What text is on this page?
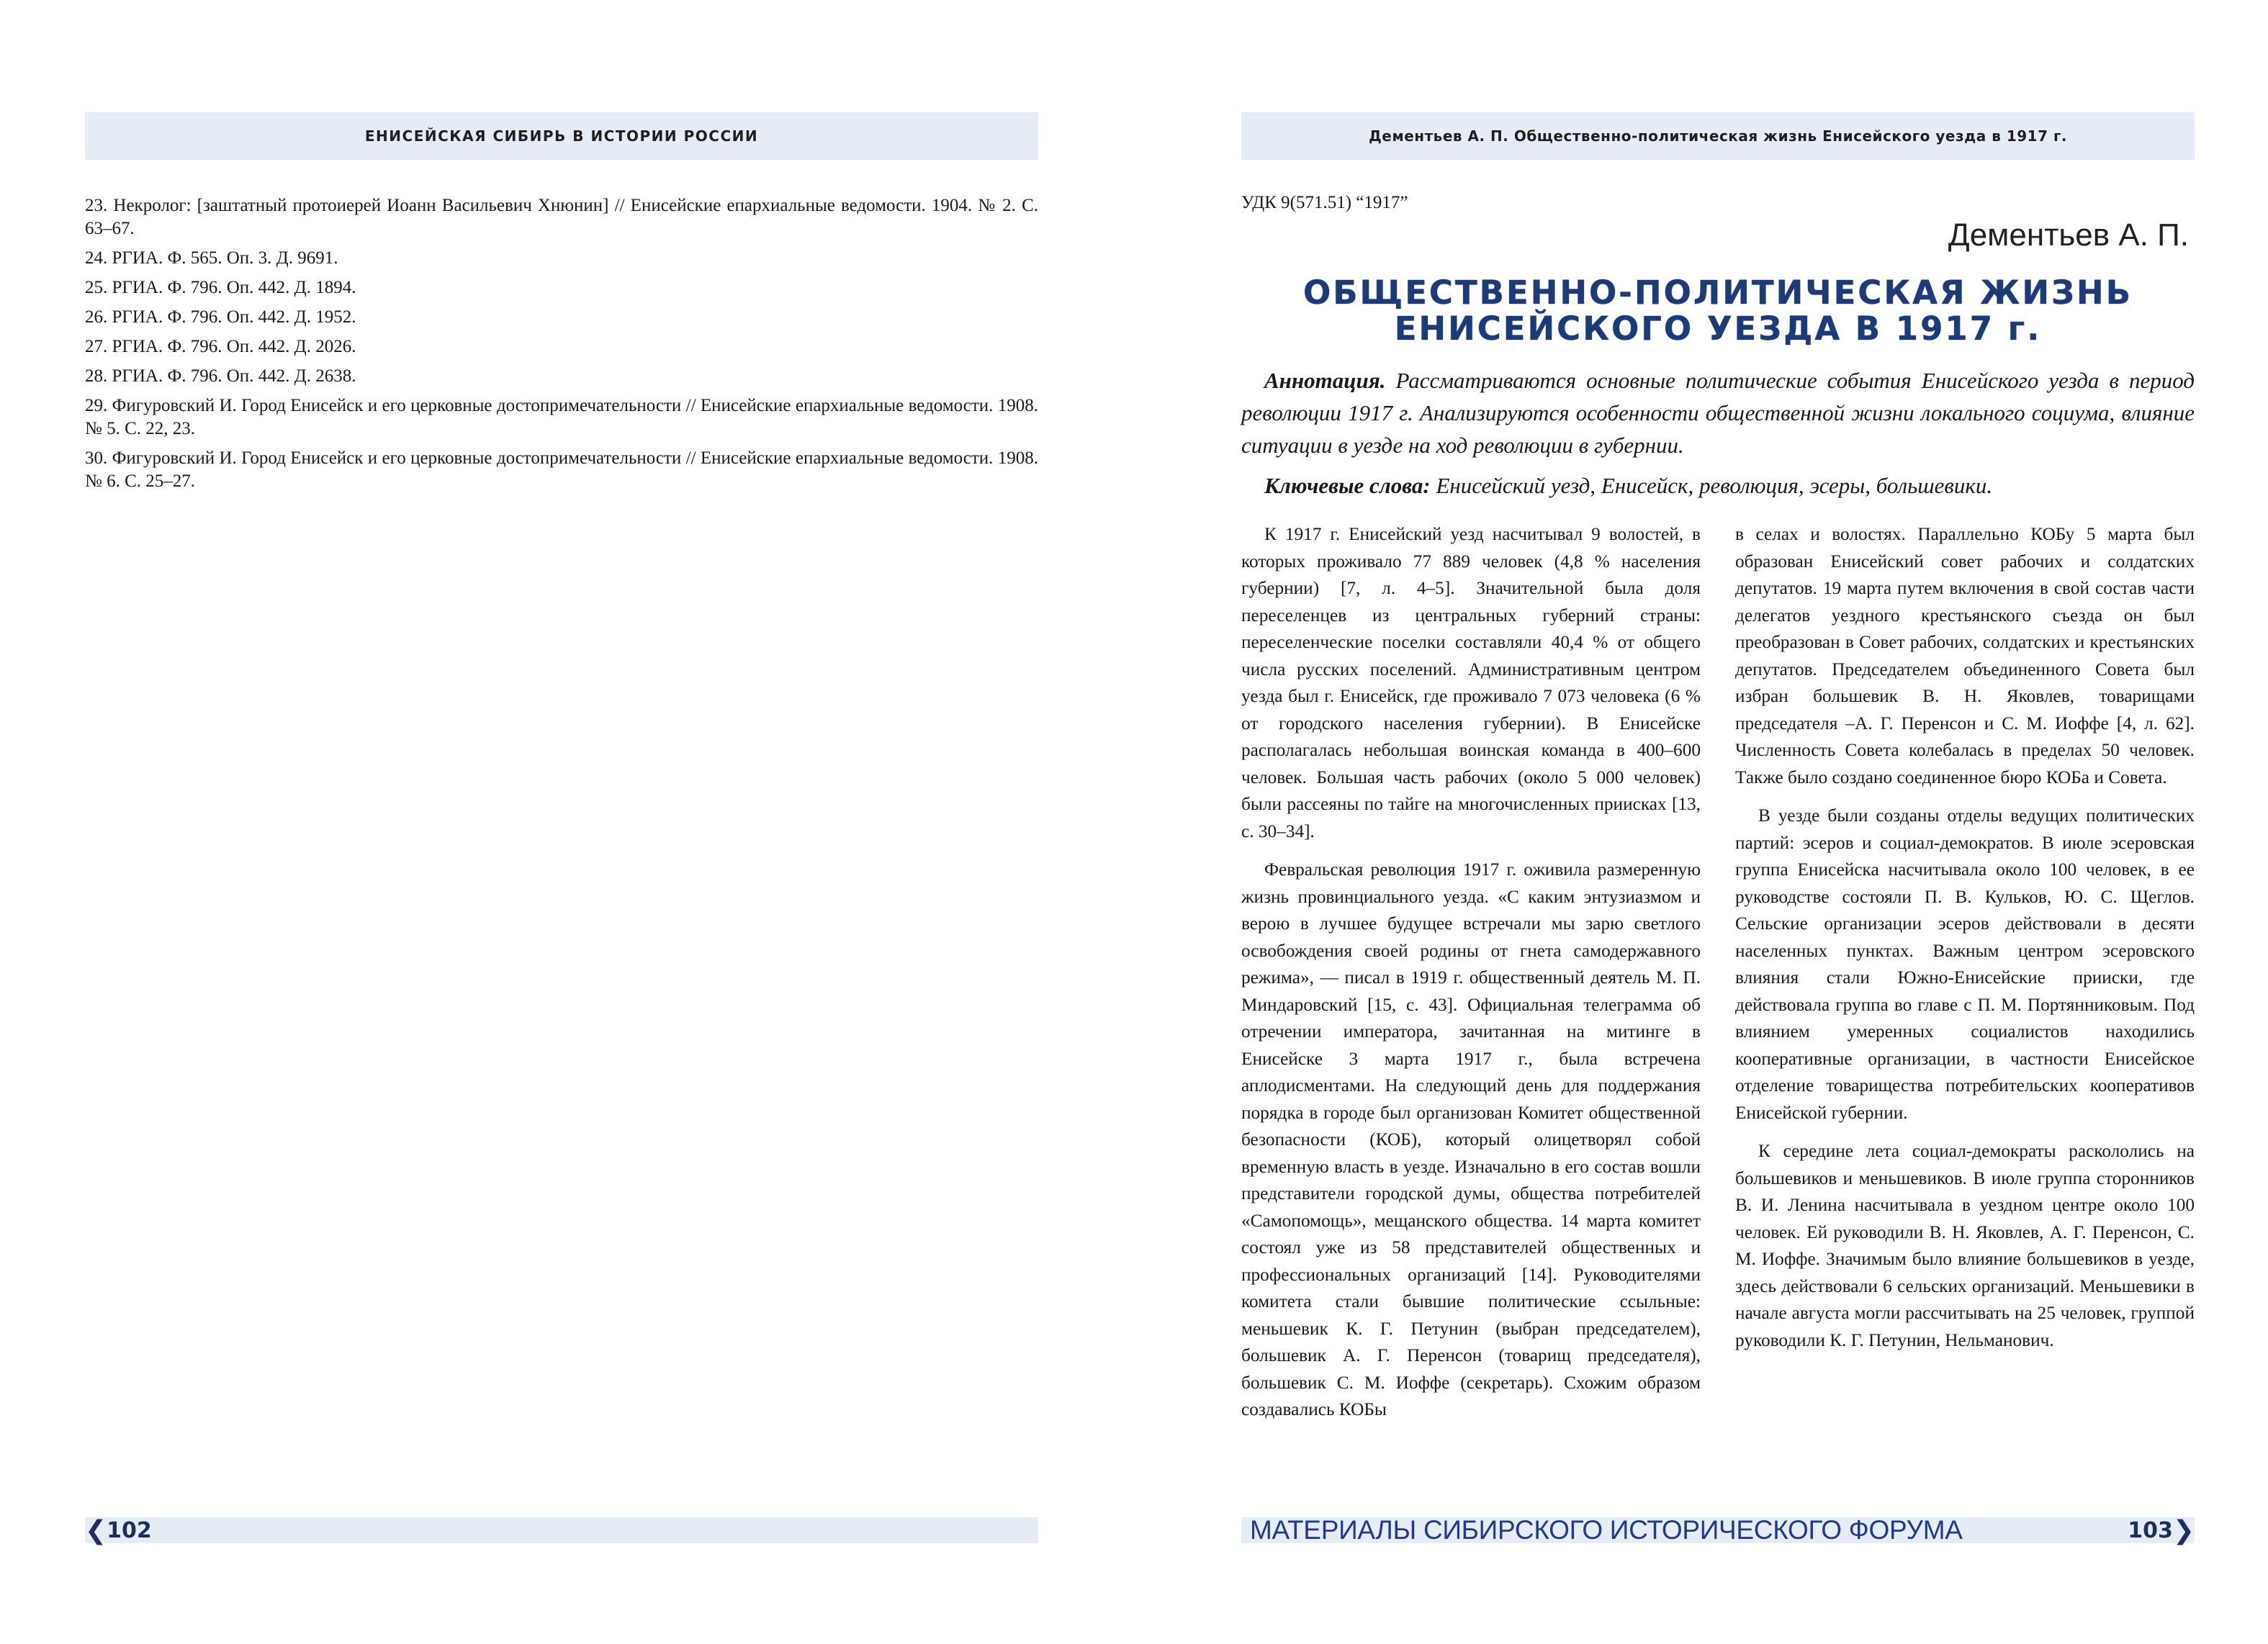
ЕНИСЕЙСКАЯ СИБИРЬ В ИСТОРИИ РОССИИ	Дементьев А. П. Общественно-политическая жизнь Енисейского уезда в 1917 г.

23. Некролог: [заштатный протоиерей Иоанн Васильевич Хнюнин] // Енисейские епархиальные ведомости. 1904. № 2. С. 63–67.

24. РГИА. Ф. 565. Оп. 3. Д. 9691.

25. РГИА. Ф. 796. Оп. 442. Д. 1894.

26. РГИА. Ф. 796. Оп. 442. Д. 1952.

27. РГИА. Ф. 796. Оп. 442. Д. 2026.

28. РГИА. Ф. 796. Оп. 442. Д. 2638.

29. Фигуровский И. Город Енисейск и его церковные достопримечательности // Енисейские епархиальные ведомости. 1908. № 5. С. 22, 23.

30. Фигуровский И. Город Енисейск и его церковные достопримечательности // Енисейские епархиальные ведомости. 1908. № 6. С. 25–27.

УДК 9(571.51) “1917”
Дементьев А. П.
ОБЩЕСТВЕННО-ПОЛИТИЧЕСКАЯ ЖИЗНЬ
ЕНИСЕЙСКОГО УЕЗДА В 1917 г.

Аннотация. Рассматриваются основные политические события Енисейского уезда в период революции 1917 г. Анализируются особенности общественной жизни локального социума, влияние ситуации в уезде на ход революции в губернии.

Ключевые слова: Енисейский уезд, Енисейск, революция, эсеры, большевики.

К 1917 г. Енисейский уезд насчитывал 9 волостей, в которых проживало 77 889 человек (4,8 % населения губернии) [7, л. 4–5]. Значительной была доля переселенцев из центральных губерний страны: переселенческие поселки составляли 40,4 % от общего числа русских поселений. Административным центром уезда был г. Енисейск, где проживало 7 073 человека (6 % от городского населения губернии). В Енисейске располагалась небольшая воинская команда в 400–600 человек. Большая часть рабочих (около 5 000 человек) были рассеяны по тайге на многочисленных приисках [13, с. 30–34].

Февральская революция 1917 г. оживила размеренную жизнь провинциального уезда. «С каким энтузиазмом и верою в лучшее будущее встречали мы зарю светлого освобождения своей родины от гнета самодержавного режима», — писал в 1919 г. общественный деятель М. П. Миндаровский [15, с. 43]. Официальная телеграмма об отречении императора, зачитанная на митинге в Енисейске 3 марта 1917 г., была встречена аплодисментами. На следующий день для поддержания порядка в городе был организован Комитет общественной безопасности (КОБ), который олицетворял собой временную власть в уезде. Изначально в его состав вошли представители городской думы, общества потребителей «Самопомощь», мещанского общества. 14 марта комитет состоял уже из 58 представителей общественных и профессиональных организаций [14]. Руководителями комитета стали бывшие политические ссыльные: меньшевик К. Г. Петунин (выбран председателем), большевик А. Г. Перенсон (товарищ председателя), большевик С. М. Иоффе (секретарь). Схожим образом создавались КОБы

в селах и волостях. Параллельно КОБу 5 марта был образован Енисейский совет рабочих и солдатских депутатов. 19 марта путем включения в свой состав части делегатов уездного крестьянского съезда он был преобразован в Совет рабочих, солдатских и крестьянских депутатов. Председателем объединенного Совета был избран большевик В. Н. Яковлев, товарищами председателя –А. Г. Перенсон и С. М. Иоффе [4, л. 62]. Численность Совета колебалась в пределах 50 человек. Также было создано соединенное бюро КОБа и Совета.

В уезде были созданы отделы ведущих политических партий: эсеров и социал-демократов. В июле эсеровская группа Енисейска насчитывала около 100 человек, в ее руководстве состояли П. В. Кульков, Ю. С. Щеглов. Сельские организации эсеров действовали в десяти населенных пунктах. Важным центром эсеровского влияния стали Южно-Енисейские прииски, где действовала группа во главе с П. М. Портянниковым. Под влиянием умеренных социалистов находились кооперативные организации, в частности Енисейское отделение товарищества потребительских кооперативов Енисейской губернии.

К середине лета социал-демократы раскололись на большевиков и меньшевиков. В июле группа сторонников В. И. Ленина насчитывала в уездном центре около 100 человек. Ей руководили В. Н. Яковлев, А. Г. Перенсон, С. М. Иоффе. Значимым было влияние большевиков в уезде, здесь действовали 6 сельских организаций. Меньшевики в начале августа могли рассчитывать на 25 человек, группой руководили К. Г. Петунин, Нельманович.

❮ 102	МАТЕРИАЛЫ СИБИРСКОГО ИСТОРИЧЕСКОГО ФОРУМА	103 ❯
